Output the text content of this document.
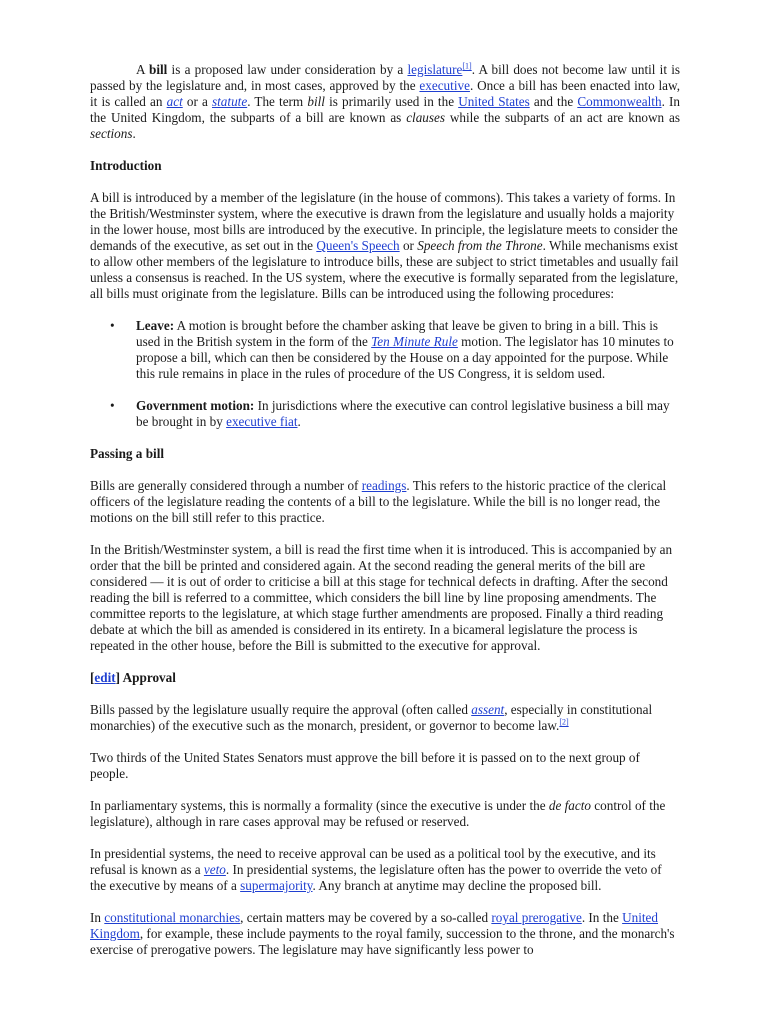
A bill is a proposed law under consideration by a legislature[1]. A bill does not become law until it is passed by the legislature and, in most cases, approved by the executive. Once a bill has been enacted into law, it is called an act or a statute. The term bill is primarily used in the United States and the Commonwealth. In the United Kingdom, the subparts of a bill are known as clauses while the subparts of an act are known as sections.

Introduction

A bill is introduced by a member of the legislature (in the house of commons). This takes a variety of forms. In the British/Westminster system, where the executive is drawn from the legislature and usually holds a majority in the lower house, most bills are introduced by the executive. In principle, the legislature meets to consider the demands of the executive, as set out in the Queen's Speech or Speech from the Throne. While mechanisms exist to allow other members of the legislature to introduce bills, these are subject to strict timetables and usually fail unless a consensus is reached. In the US system, where the executive is formally separated from the legislature, all bills must originate from the legislature. Bills can be introduced using the following procedures:

• Leave: A motion is brought before the chamber asking that leave be given to bring in a bill. This is used in the British system in the form of the Ten Minute Rule motion. The legislator has 10 minutes to propose a bill, which can then be considered by the House on a day appointed for the purpose. While this rule remains in place in the rules of procedure of the US Congress, it is seldom used.
• Government motion: In jurisdictions where the executive can control legislative business a bill may be brought in by executive fiat.
Passing a bill

Bills are generally considered through a number of readings. This refers to the historic practice of the clerical officers of the legislature reading the contents of a bill to the legislature. While the bill is no longer read, the motions on the bill still refer to this practice.

In the British/Westminster system, a bill is read the first time when it is introduced. This is accompanied by an order that the bill be printed and considered again. At the second reading the general merits of the bill are considered — it is out of order to criticise a bill at this stage for technical defects in drafting. After the second reading the bill is referred to a committee, which considers the bill line by line proposing amendments. The committee reports to the legislature, at which stage further amendments are proposed. Finally a third reading debate at which the bill as amended is considered in its entirety. In a bicameral legislature the process is repeated in the other house, before the Bill is submitted to the executive for approval.

[edit] Approval

Bills passed by the legislature usually require the approval (often called assent, especially in constitutional monarchies) of the executive such as the monarch, president, or governor to become law.[2]

Two thirds of the United States Senators must approve the bill before it is passed on to the next group of people.

In parliamentary systems, this is normally a formality (since the executive is under the de facto control of the legislature), although in rare cases approval may be refused or reserved.

In presidential systems, the need to receive approval can be used as a political tool by the executive, and its refusal is known as a veto. In presidential systems, the legislature often has the power to override the veto of the executive by means of a supermajority. Any branch at anytime may decline the proposed bill.

In constitutional monarchies, certain matters may be covered by a so-called royal prerogative. In the United Kingdom, for example, these include payments to the royal family, succession to the throne, and the monarch's exercise of prerogative powers. The legislature may have significantly less power to
